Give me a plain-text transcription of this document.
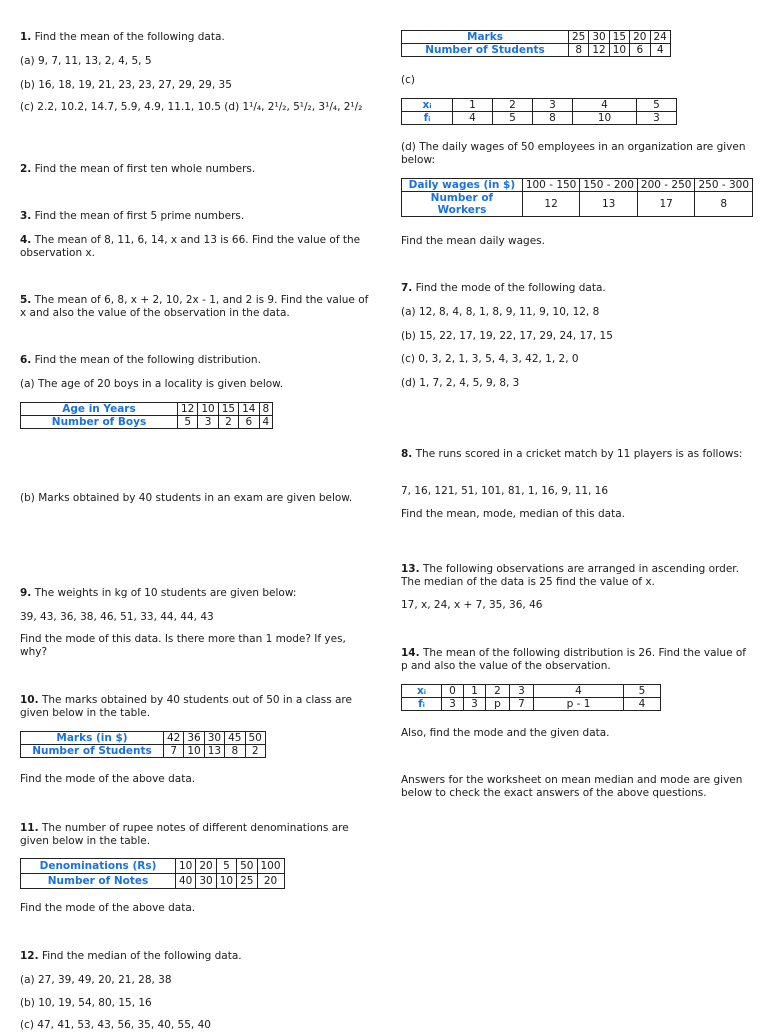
1. Find the mean of the following data.
(a) 9, 7, 11, 13, 2, 4, 5, 5
(b) 16, 18, 19, 21, 23, 23, 27, 29, 29, 35
(c) 2.2, 10.2, 14.7, 5.9, 4.9, 11.1, 10.5 (d) 1¹/₄, 2¹/₂, 5¹/₂, 3¹/₄, 2¹/₂
2. Find the mean of first ten whole numbers.
3. Find the mean of first 5 prime numbers.
4. The mean of 8, 11, 6, 14, x and 13 is 66. Find the value of the observation x.
5. The mean of 6, 8, x + 2, 10, 2x - 1, and 2 is 9. Find the value of x and also the value of the observation in the data.
6. Find the mean of the following distribution.
(a) The age of 20 boys in a locality is given below.
Age in Years	12	10	15	14	8
Number of Boys	5	3	2	6	4
(b) Marks obtained by 40 students in an exam are given below.
9. The weights in kg of 10 students are given below:
39, 43, 36, 38, 46, 51, 33, 44, 44, 43
Find the mode of this data. Is there more than 1 mode? If yes, why?
10. The marks obtained by 40 students out of 50 in a class are given below in the table.
Marks (in $)	42	36	30	45	50
Number of Students	7	10	13	8	2
Find the mode of the above data.
11. The number of rupee notes of different denominations are given below in the table.
Denominations (Rs)	10	20	5	50	100
Number of Notes	40	30	10	25	20
Find the mode of the above data.
12. Find the median of the following data.
(a) 27, 39, 49, 20, 21, 28, 38
(b) 10, 19, 54, 80, 15, 16
(c) 47, 41, 53, 43, 56, 35, 40, 55, 40
Marks	25	30	15	20	24
Number of Students	8	12	10	6	4
(c)
xᵢ	1	2	3	4	5
fᵢ	4	5	8	10	3
(d) The daily wages of 50 employees in an organization are given below:
Daily wages (in $)	100 - 150	150 - 200	200 - 250	250 - 300
Number of Workers	12	13	17	8
Find the mean daily wages.
7. Find the mode of the following data.
(a) 12, 8, 4, 8, 1, 8, 9, 11, 9, 10, 12, 8
(b) 15, 22, 17, 19, 22, 17, 29, 24, 17, 15
(c) 0, 3, 2, 1, 3, 5, 4, 3, 42, 1, 2, 0
(d) 1, 7, 2, 4, 5, 9, 8, 3
8. The runs scored in a cricket match by 11 players is as follows:
7, 16, 121, 51, 101, 81, 1, 16, 9, 11, 16
Find the mean, mode, median of this data.
13. The following observations are arranged in ascending order. The median of the data is 25 find the value of x.
17, x, 24, x + 7, 35, 36, 46
14. The mean of the following distribution is 26. Find the value of p and also the value of the observation.
xᵢ	0	1	2	3	4	5
fᵢ	3	3	p	7	p - 1	4
Also, find the mode and the given data.
Answers for the worksheet on mean median and mode are given below to check the exact answers of the above questions.
